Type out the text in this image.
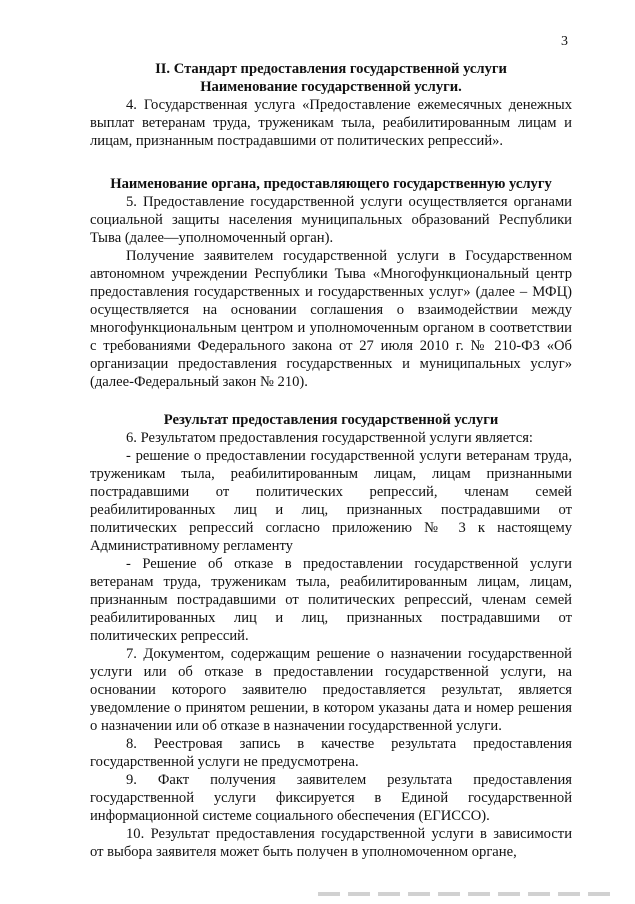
3

II. Стандарт предоставления государственной услуги

Наименование государственной услуги.

4. Государственная услуга «Предоставление ежемесячных денежных выплат ветеранам труда, труженикам тыла, реабилитированным лицам и лицам, признанным пострадавшими от политических репрессий».

Наименование органа, предоставляющего государственную услугу

5. Предоставление государственной услуги осуществляется органами социальной защиты населения муниципальных образований Республики Тыва (далее—уполномоченный орган).

Получение заявителем государственной услуги в Государственном автономном учреждении Республики Тыва «Многофункциональный центр предоставления государственных и государственных услуг» (далее – МФЦ) осуществляется на основании соглашения о взаимодействии между многофункциональным центром и уполномоченным органом в соответствии с требованиями Федерального закона от 27 июля 2010 г. № 210-ФЗ «Об организации предоставления государственных и муниципальных услуг» (далее-Федеральный закон № 210).

Результат предоставления государственной услуги

6. Результатом предоставления государственной услуги является:

- решение о предоставлении государственной услуги ветеранам труда, труженикам тыла, реабилитированным лицам, лицам признанными пострадавшими от политических репрессий, членам семей реабилитированных лиц и лиц, признанных пострадавшими от политических репрессий согласно приложению № 3 к настоящему Административному регламенту

- Решение об отказе в предоставлении государственной услуги ветеранам труда, труженикам тыла, реабилитированным лицам, лицам, признанным пострадавшими от политических репрессий, членам семей реабилитированных лиц и лиц, признанных пострадавшими от политических репрессий.

7. Документом, содержащим решение о назначении государственной услуги или об отказе в предоставлении государственной услуги, на основании которого заявителю предоставляется результат, является уведомление о принятом решении, в котором указаны дата и номер решения о назначении или об отказе в назначении государственной услуги.

8. Реестровая запись в качестве результата предоставления государственной услуги не предусмотрена.

9. Факт получения заявителем результата предоставления государственной услуги фиксируется в Единой государственной информационной системе социального обеспечения (ЕГИССО).

10. Результат предоставления государственной услуги в зависимости от выбора заявителя может быть получен в уполномоченном органе,
